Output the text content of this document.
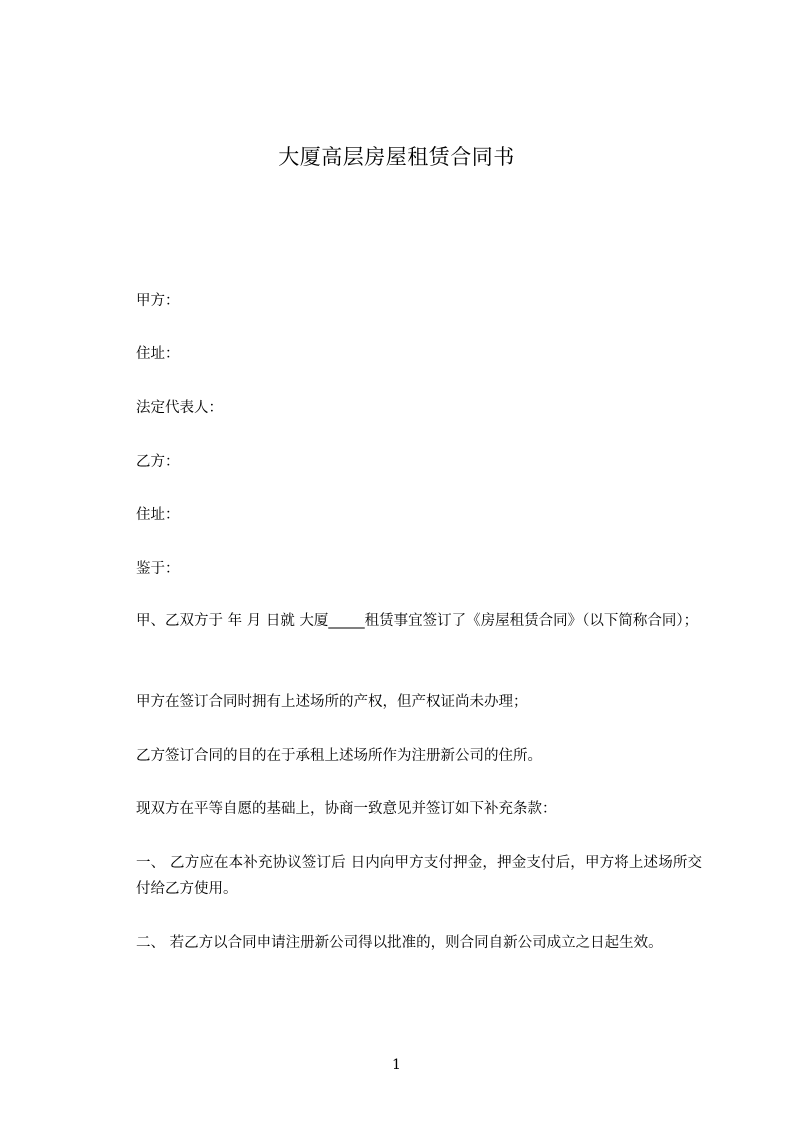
大厦高层房屋租赁合同书
甲方：
住址：
法定代表人：
乙方：
住址：
鉴于：
甲、乙双方于 年 月 日就 大厦_____租赁事宜签订了《房屋租赁合同》（以下简称合同）；
甲方在签订合同时拥有上述场所的产权，但产权证尚未办理；
乙方签订合同的目的在于承租上述场所作为注册新公司的住所。
现双方在平等自愿的基础上，协商一致意见并签订如下补充条款：
一、 乙方应在本补充协议签订后 日内向甲方支付押金，押金支付后，甲方将上述场所交付给乙方使用。
二、 若乙方以合同申请注册新公司得以批准的，则合同自新公司成立之日起生效。
1
